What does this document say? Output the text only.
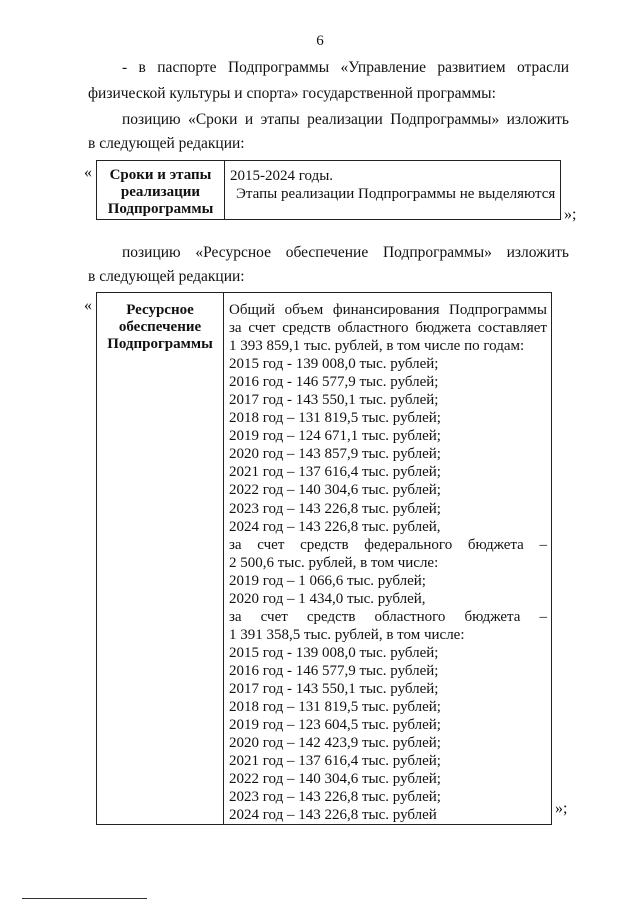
6
- в паспорте Подпрограммы «Управление развитием отрасли
физической культуры и спорта» государственной программы:
позицию «Сроки и этапы реализации Подпрограммы» изложить
в следующей редакции:
«	Сроки и этапы
реализации
Подпрограммы

2015-2024 годы.
Этапы реализации Подпрограммы не выделяются
»;
позицию «Ресурсное обеспечение Подпрограммы» изложить
в следующей редакции:
«	Ресурсное
обеспечение
Подпрограммы

Общий объем финансирования Подпрограммы
за счет средств областного бюджета составляет
1 393 859,1 тыс. рублей, в том числе по годам:
2015 год - 139 008,0 тыс. рублей;
2016 год - 146 577,9 тыс. рублей;
2017 год - 143 550,1 тыс. рублей;
2018 год – 131 819,5 тыс. рублей;
2019 год – 124 671,1 тыс. рублей;
2020 год – 143 857,9 тыс. рублей;
2021 год – 137 616,4 тыс. рублей;
2022 год – 140 304,6 тыс. рублей;
2023 год – 143 226,8 тыс. рублей;
2024 год – 143 226,8 тыс. рублей,
за счет средств федерального бюджета –
2 500,6 тыс. рублей, в том числе:
2019 год – 1 066,6 тыс. рублей;
2020 год – 1 434,0 тыс. рублей,
за счет средств областного бюджета –
1 391 358,5 тыс. рублей, в том числе:
2015 год - 139 008,0 тыс. рублей;
2016 год - 146 577,9 тыс. рублей;
2017 год - 143 550,1 тыс. рублей;
2018 год – 131 819,5 тыс. рублей;
2019 год – 123 604,5 тыс. рублей;
2020 год – 142 423,9 тыс. рублей;
2021 год – 137 616,4 тыс. рублей;
2022 год – 140 304,6 тыс. рублей;
2023 год – 143 226,8 тыс. рублей;
2024 год – 143 226,8 тыс. рублей	»;
